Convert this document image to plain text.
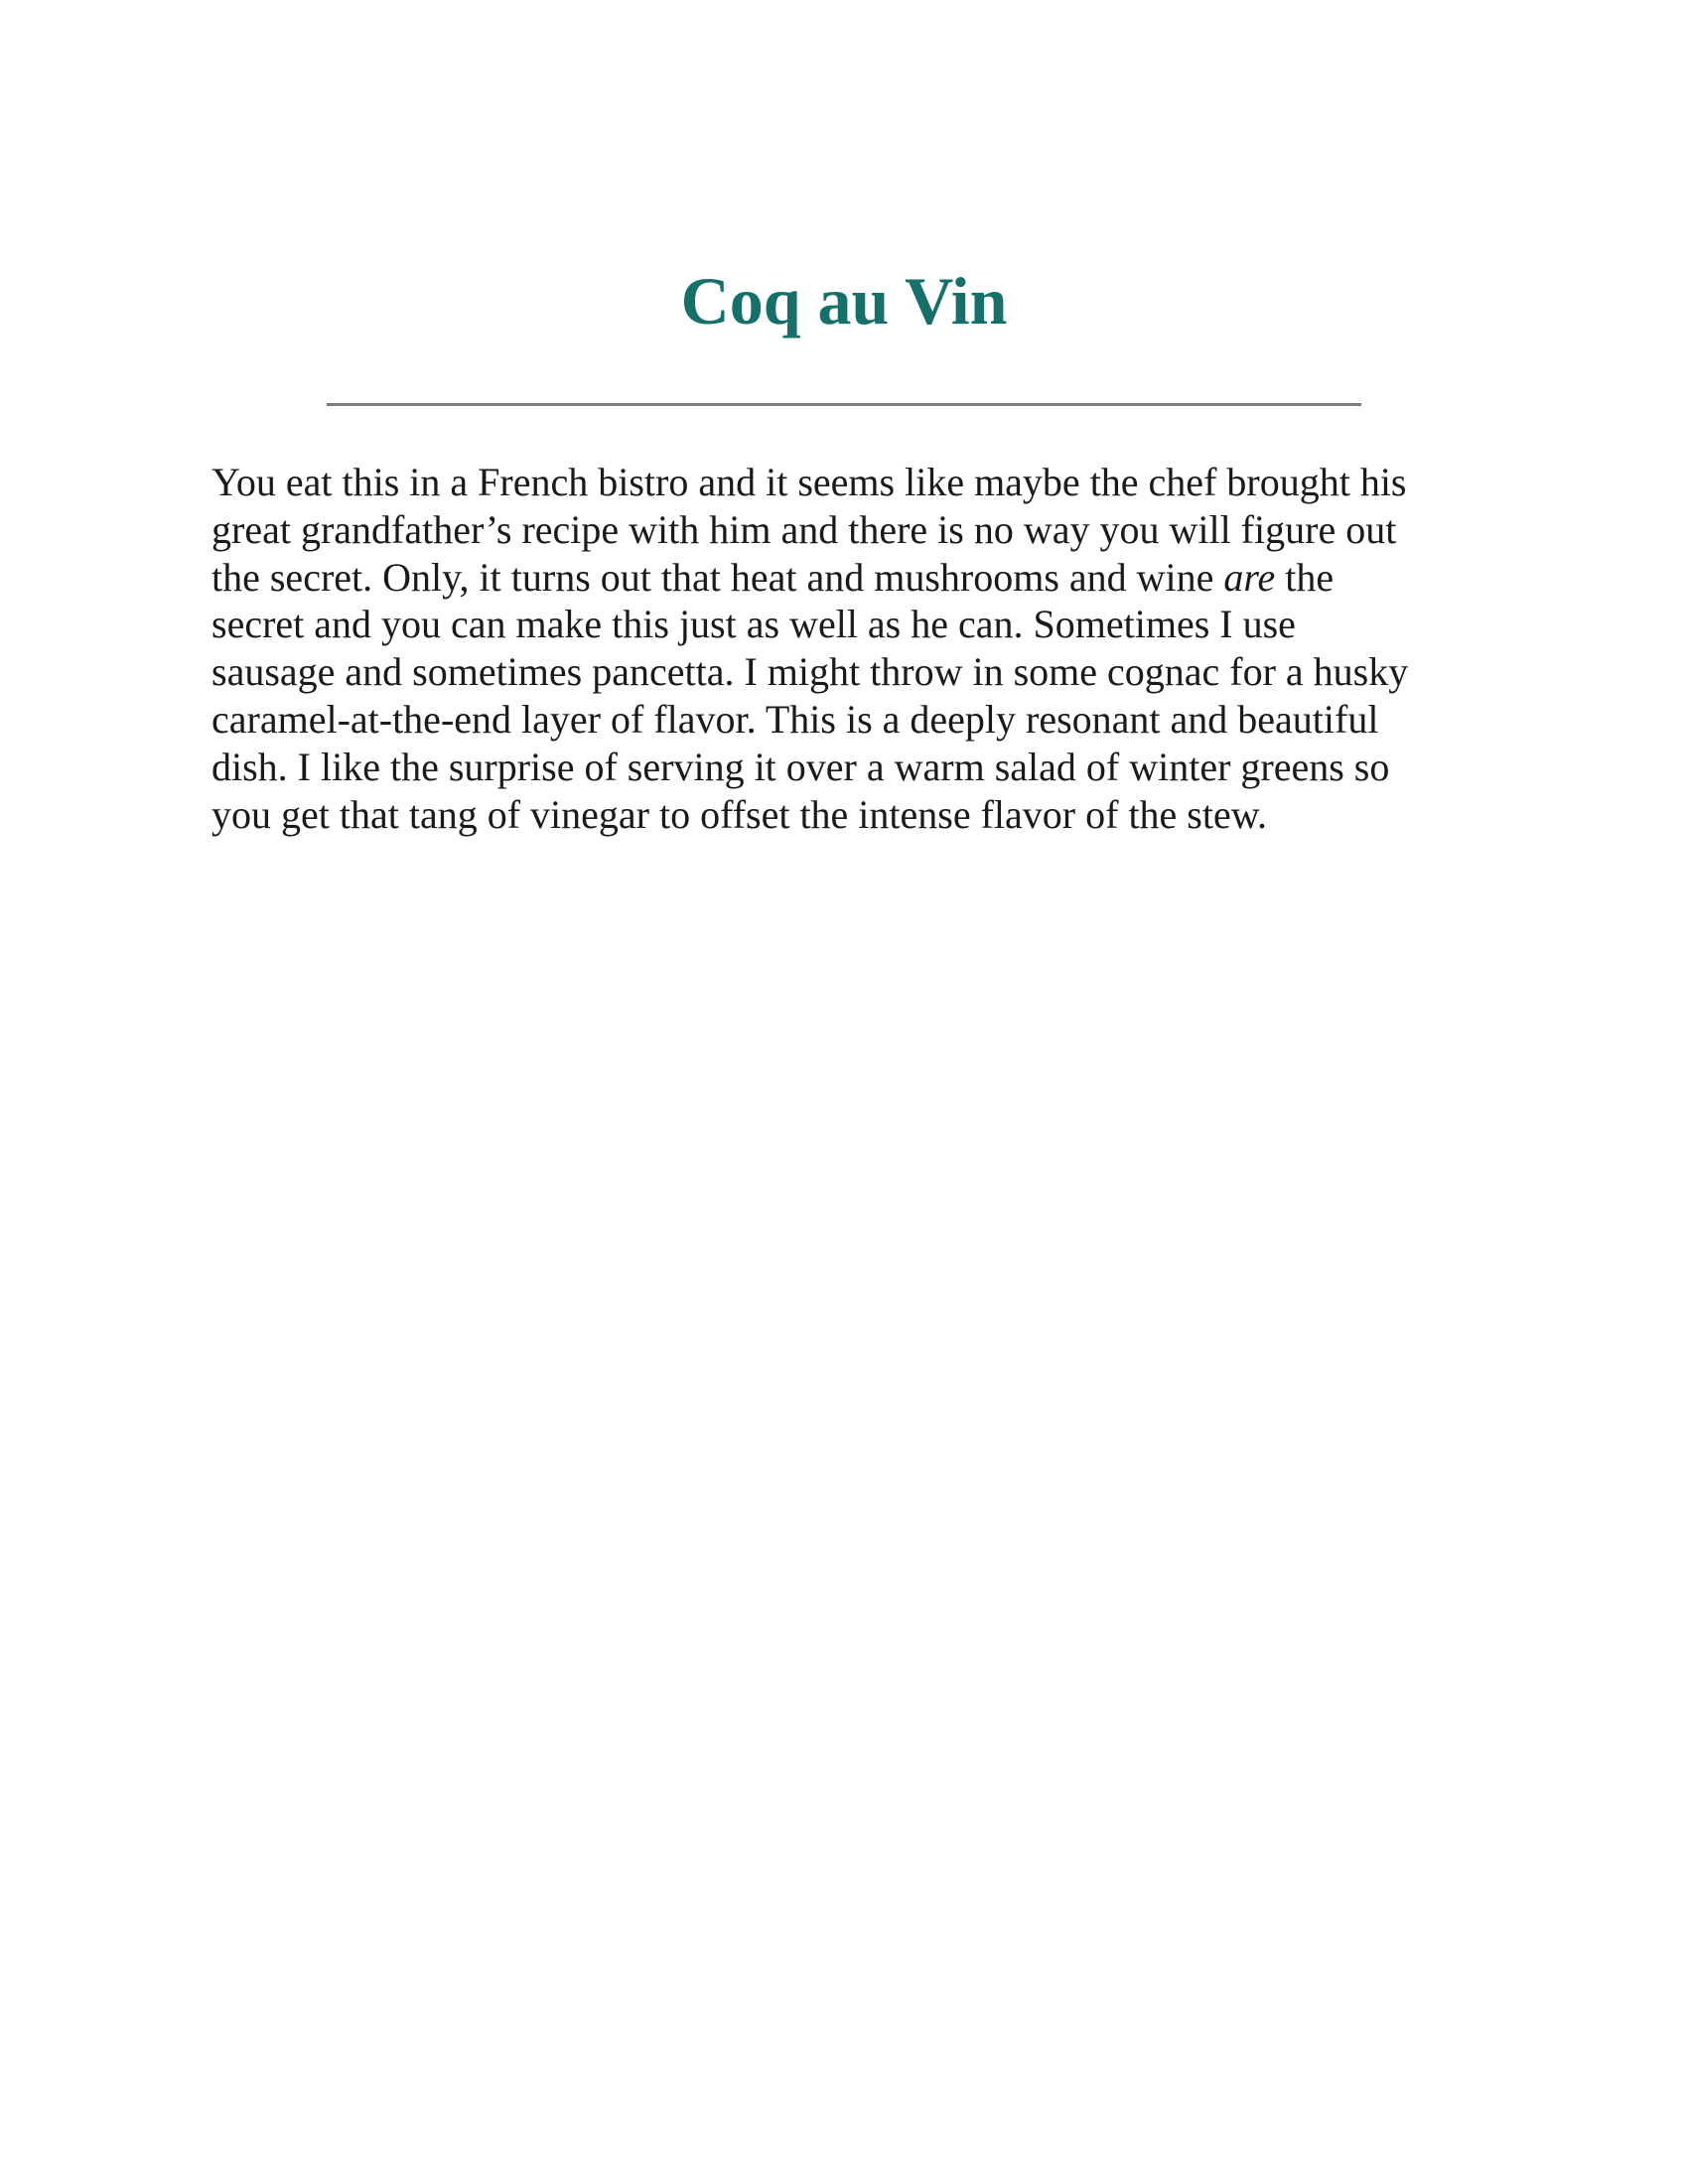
Coq au Vin

You eat this in a French bistro and it seems like maybe the chef brought his
great grandfather’s recipe with him and there is no way you will figure out
the secret. Only, it turns out that heat and mushrooms and wine are the
secret and you can make this just as well as he can. Sometimes I use
sausage and sometimes pancetta. I might throw in some cognac for a husky
caramel-at-the-end layer of flavor. This is a deeply resonant and beautiful
dish. I like the surprise of serving it over a warm salad of winter greens so
you get that tang of vinegar to offset the intense flavor of the stew.
